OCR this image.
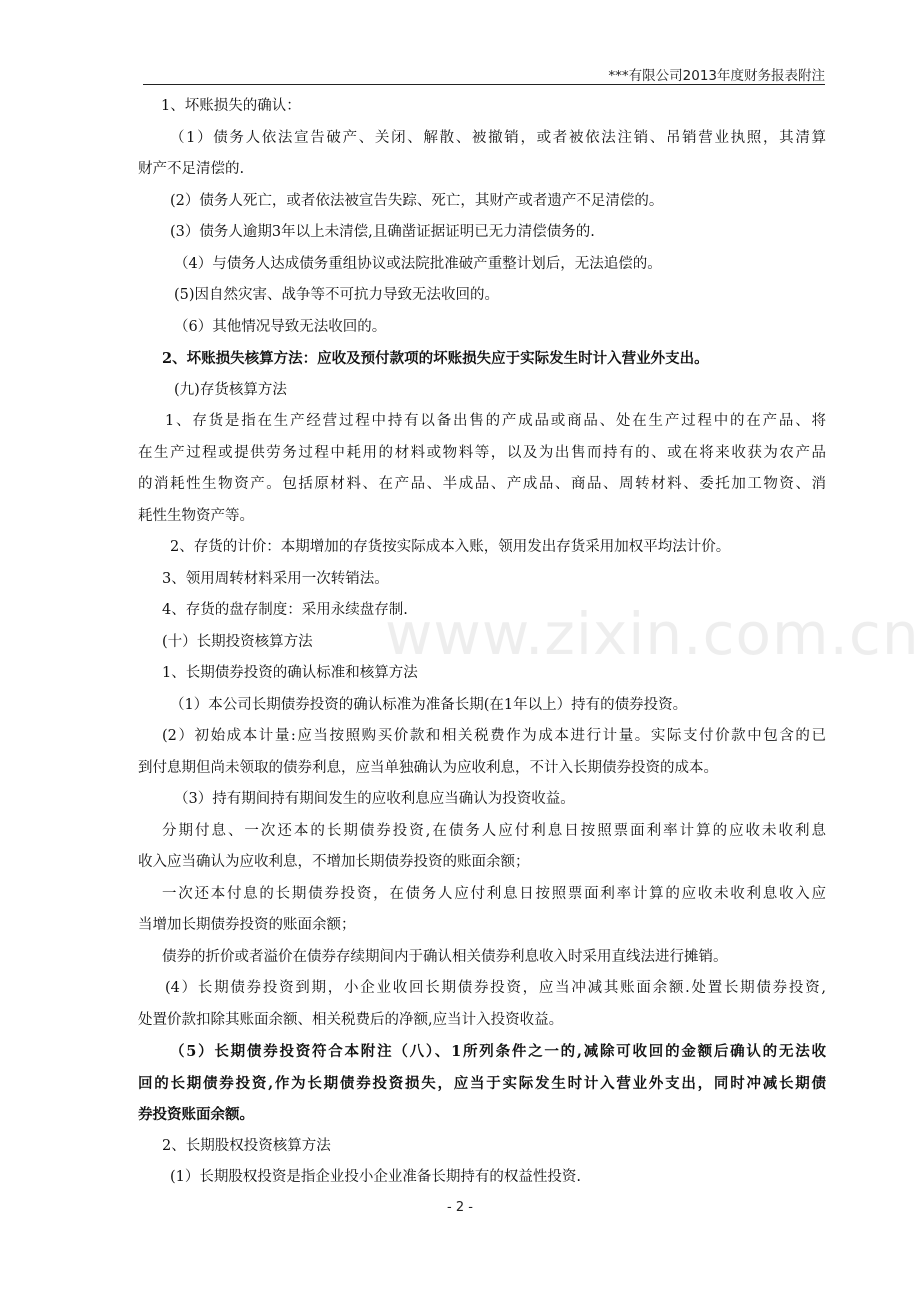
***有限公司2013年度财务报表附注
www.zixin.com.cn

1、坏账损失的确认：

（1）债务人依法宣告破产、关闭、解散、被撤销，或者被依法注销、吊销营业执照，其清算

财产不足清偿的.

(2）债务人死亡，或者依法被宣告失踪、死亡，其财产或者遗产不足清偿的。

(3）债务人逾期3年以上未清偿,且确凿证据证明已无力清偿债务的.

（4）与债务人达成债务重组协议或法院批准破产重整计划后，无法追偿的。

(5)因自然灾害、战争等不可抗力导致无法收回的。

（6）其他情况导致无法收回的。

2、坏账损失核算方法：应收及预付款项的坏账损失应于实际发生时计入营业外支出。

(九)存货核算方法

1、存货是指在生产经营过程中持有以备出售的产成品或商品、处在生产过程中的在产品、将

在生产过程或提供劳务过程中耗用的材料或物料等，以及为出售而持有的、或在将来收获为农产品

的消耗性生物资产。包括原材料、在产品、半成品、产成品、商品、周转材料、委托加工物资、消

耗性生物资产等。

2、存货的计价：本期增加的存货按实际成本入账，领用发出存货采用加权平均法计价。

3、领用周转材料采用一次转销法。

4、存货的盘存制度：采用永续盘存制.

(十）长期投资核算方法

1、长期债券投资的确认标准和核算方法

（1）本公司长期债券投资的确认标准为准备长期(在1年以上）持有的债券投资。

(2）初始成本计量:应当按照购买价款和相关税费作为成本进行计量。实际支付价款中包含的已

到付息期但尚未领取的债券利息，应当单独确认为应收利息，不计入长期债券投资的成本。

（3）持有期间持有期间发生的应收利息应当确认为投资收益。

分期付息、一次还本的长期债券投资,在债务人应付利息日按照票面利率计算的应收未收利息

收入应当确认为应收利息，不增加长期债券投资的账面余额；

一次还本付息的长期债券投资，在债务人应付利息日按照票面利率计算的应收未收利息收入应

当增加长期债券投资的账面余额；

债券的折价或者溢价在债券存续期间内于确认相关债券利息收入时采用直线法进行摊销。

(4）长期债券投资到期，小企业收回长期债券投资，应当冲减其账面余额.处置长期债券投资,

处置价款扣除其账面余额、相关税费后的净额,应当计入投资收益。

（5）长期债券投资符合本附注（八）、1所列条件之一的,减除可收回的金额后确认的无法收

回的长期债券投资,作为长期债券投资损失，应当于实际发生时计入营业外支出，同时冲减长期债

券投资账面余额。

2、长期股权投资核算方法

(1）长期股权投资是指企业投小企业准备长期持有的权益性投资.

- 2 -
